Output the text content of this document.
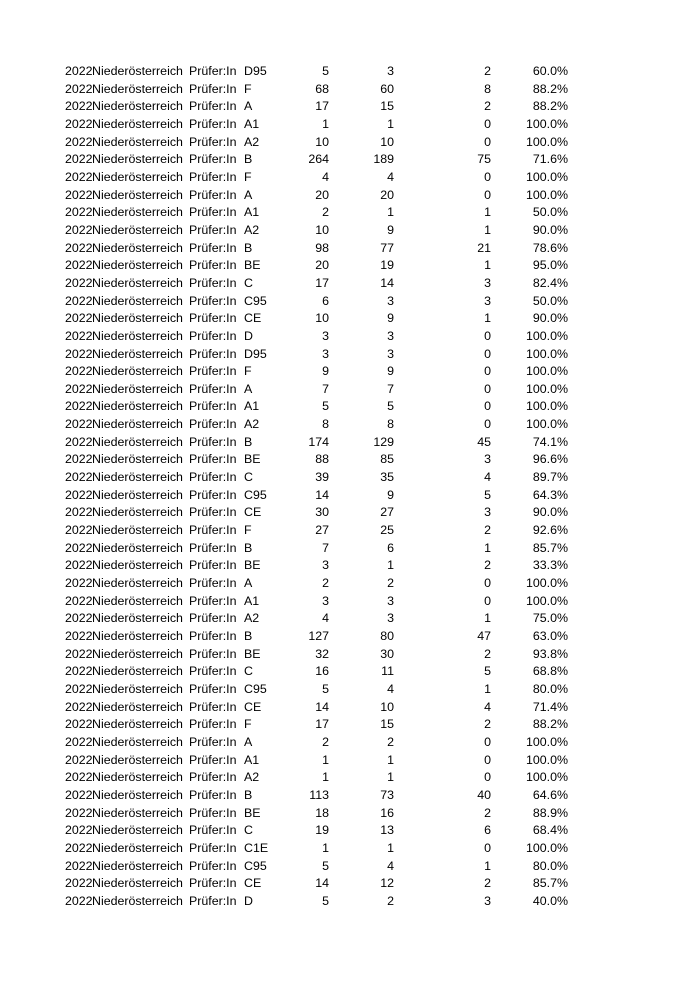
2022 Niederösterreich Prüfer:In D95	5	3	2	60.0%
2022 Niederösterreich Prüfer:In F	68	60	8	88.2%
2022 Niederösterreich Prüfer:In A	17	15	2	88.2%
2022 Niederösterreich Prüfer:In A1	1	1	0	100.0%
2022 Niederösterreich Prüfer:In A2	10	10	0	100.0%
2022 Niederösterreich Prüfer:In B	264	189	75	71.6%
2022 Niederösterreich Prüfer:In F	4	4	0	100.0%
2022 Niederösterreich Prüfer:In A	20	20	0	100.0%
2022 Niederösterreich Prüfer:In A1	2	1	1	50.0%
2022 Niederösterreich Prüfer:In A2	10	9	1	90.0%
2022 Niederösterreich Prüfer:In B	98	77	21	78.6%
2022 Niederösterreich Prüfer:In BE	20	19	1	95.0%
2022 Niederösterreich Prüfer:In C	17	14	3	82.4%
2022 Niederösterreich Prüfer:In C95	6	3	3	50.0%
2022 Niederösterreich Prüfer:In CE	10	9	1	90.0%
2022 Niederösterreich Prüfer:In D	3	3	0	100.0%
2022 Niederösterreich Prüfer:In D95	3	3	0	100.0%
2022 Niederösterreich Prüfer:In F	9	9	0	100.0%
2022 Niederösterreich Prüfer:In A	7	7	0	100.0%
2022 Niederösterreich Prüfer:In A1	5	5	0	100.0%
2022 Niederösterreich Prüfer:In A2	8	8	0	100.0%
2022 Niederösterreich Prüfer:In B	174	129	45	74.1%
2022 Niederösterreich Prüfer:In BE	88	85	3	96.6%
2022 Niederösterreich Prüfer:In C	39	35	4	89.7%
2022 Niederösterreich Prüfer:In C95	14	9	5	64.3%
2022 Niederösterreich Prüfer:In CE	30	27	3	90.0%
2022 Niederösterreich Prüfer:In F	27	25	2	92.6%
2022 Niederösterreich Prüfer:In B	7	6	1	85.7%
2022 Niederösterreich Prüfer:In BE	3	1	2	33.3%
2022 Niederösterreich Prüfer:In A	2	2	0	100.0%
2022 Niederösterreich Prüfer:In A1	3	3	0	100.0%
2022 Niederösterreich Prüfer:In A2	4	3	1	75.0%
2022 Niederösterreich Prüfer:In B	127	80	47	63.0%
2022 Niederösterreich Prüfer:In BE	32	30	2	93.8%
2022 Niederösterreich Prüfer:In C	16	11	5	68.8%
2022 Niederösterreich Prüfer:In C95	5	4	1	80.0%
2022 Niederösterreich Prüfer:In CE	14	10	4	71.4%
2022 Niederösterreich Prüfer:In F	17	15	2	88.2%
2022 Niederösterreich Prüfer:In A	2	2	0	100.0%
2022 Niederösterreich Prüfer:In A1	1	1	0	100.0%
2022 Niederösterreich Prüfer:In A2	1	1	0	100.0%
2022 Niederösterreich Prüfer:In B	113	73	40	64.6%
2022 Niederösterreich Prüfer:In BE	18	16	2	88.9%
2022 Niederösterreich Prüfer:In C	19	13	6	68.4%
2022 Niederösterreich Prüfer:In C1E	1	1	0	100.0%
2022 Niederösterreich Prüfer:In C95	5	4	1	80.0%
2022 Niederösterreich Prüfer:In CE	14	12	2	85.7%
2022 Niederösterreich Prüfer:In D	5	2	3	40.0%
